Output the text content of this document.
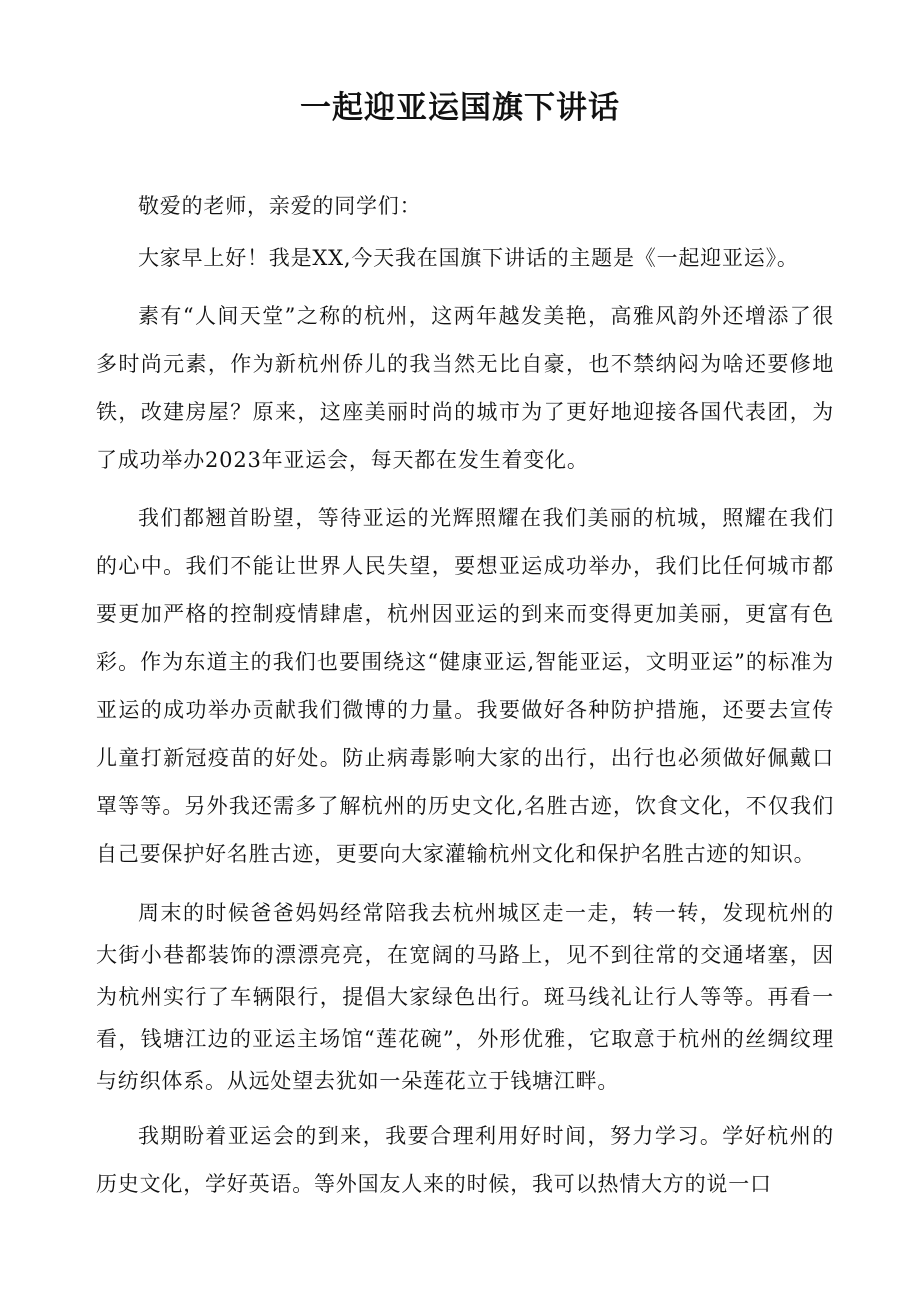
一起迎亚运国旗下讲话

敬爱的老师，亲爱的同学们：

大家早上好！我是XX,今天我在国旗下讲话的主题是《一起迎亚运》。

素有“人间天堂”之称的杭州，这两年越发美艳，高雅风韵外还增添了很多时尚元素，作为新杭州侨儿的我当然无比自豪，也不禁纳闷为啥还要修地铁，改建房屋？原来，这座美丽时尚的城市为了更好地迎接各国代表团，为了成功举办2023年亚运会，每天都在发生着变化。

我们都翘首盼望，等待亚运的光辉照耀在我们美丽的杭城，照耀在我们的心中。我们不能让世界人民失望，要想亚运成功举办，我们比任何城市都要更加严格的控制疫情肆虐，杭州因亚运的到来而变得更加美丽，更富有色彩。作为东道主的我们也要围绕这“健康亚运,智能亚运，文明亚运”的标准为亚运的成功举办贡献我们微博的力量。我要做好各种防护措施，还要去宣传儿童打新冠疫苗的好处。防止病毒影响大家的出行，出行也必须做好佩戴口罩等等。另外我还需多了解杭州的历史文化,名胜古迹，饮食文化，不仅我们自己要保护好名胜古迹，更要向大家灌输杭州文化和保护名胜古迹的知识。

周末的时候爸爸妈妈经常陪我去杭州城区走一走，转一转，发现杭州的大街小巷都装饰的漂漂亮亮，在宽阔的马路上，见不到往常的交通堵塞，因为杭州实行了车辆限行，提倡大家绿色出行。斑马线礼让行人等等。再看一看，钱塘江边的亚运主场馆“莲花碗”，外形优雅，它取意于杭州的丝绸纹理与纺织体系。从远处望去犹如一朵莲花立于钱塘江畔。

我期盼着亚运会的到来，我要合理利用好时间，努力学习。学好杭州的历史文化，学好英语。等外国友人来的时候，我可以热情大方的说一口
